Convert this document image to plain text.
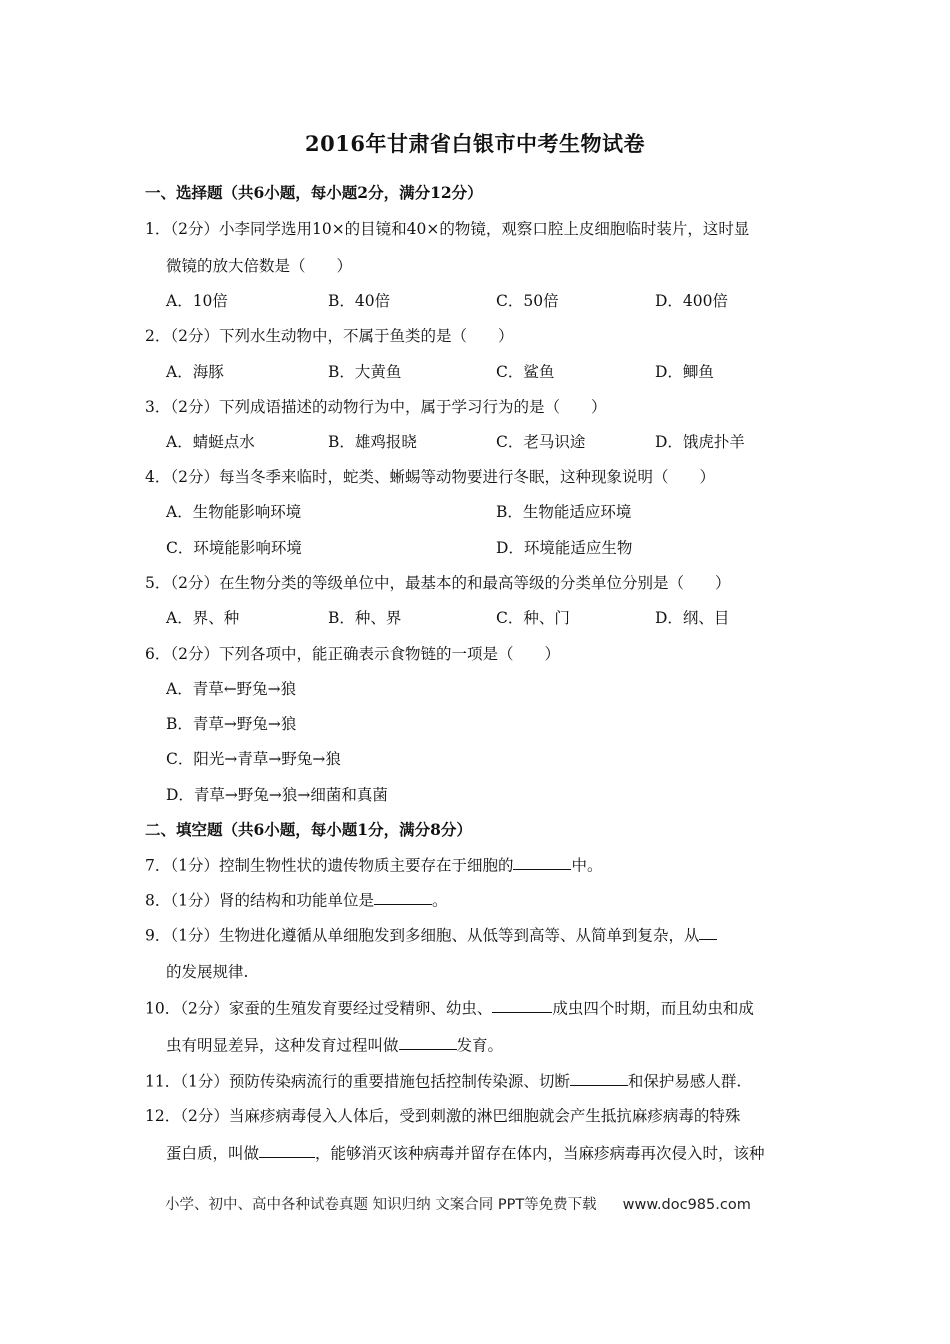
2016年甘肃省白银市中考生物试卷
一、选择题（共6小题，每小题2分，满分12分）
1．（2分）小李同学选用10×的目镜和40×的物镜，观察口腔上皮细胞临时装片，这时显
微镜的放大倍数是（　　）
A．10倍	B．40倍	C．50倍	D．400倍
2．（2分）下列水生动物中，不属于鱼类的是（　　）
A．海豚	B．大黄鱼	C．鲨鱼	D．鲫鱼
3．（2分）下列成语描述的动物行为中，属于学习行为的是（　　）
A．蜻蜓点水	B．雄鸡报晓	C．老马识途	D．饿虎扑羊
4．（2分）每当冬季来临时，蛇类、蜥蜴等动物要进行冬眠，这种现象说明（　　）
A．生物能影响环境	B．生物能适应环境
C．环境能影响环境	D．环境能适应生物
5．（2分）在生物分类的等级单位中，最基本的和最高等级的分类单位分别是（　　）
A．界、种	B．种、界	C．种、门	D．纲、目
6．（2分）下列各项中，能正确表示食物链的一项是（　　）
A．青草←野兔→狼
B．青草→野兔→狼
C．阳光→青草→野兔→狼
D．青草→野兔→狼→细菌和真菌
二、填空题（共6小题，每小题1分，满分8分）
7．（1分）控制生物性状的遗传物质主要存在于细胞的	中。
8．（1分）肾的结构和功能单位是	。
9．（1分）生物进化遵循从单细胞发到多细胞、从低等到高等、从简单到复杂，从
的发展规律.
10．（2分）家蚕的生殖发育要经过受精卵、幼虫、	成虫四个时期，而且幼虫和成
虫有明显差异，这种发育过程叫做	发育。
11．（1分）预防传染病流行的重要措施包括控制传染源、切断	和保护易感人群.
12．（2分）当麻疹病毒侵入人体后，受到刺激的淋巴细胞就会产生抵抗麻疹病毒的特殊
蛋白质，叫做	，能够消灭该种病毒并留存在体内，当麻疹病毒再次侵入时，该种
小学、初中、高中各种试卷真题 知识归纳 文案合同 PPT等免费下载 www.doc985.com
